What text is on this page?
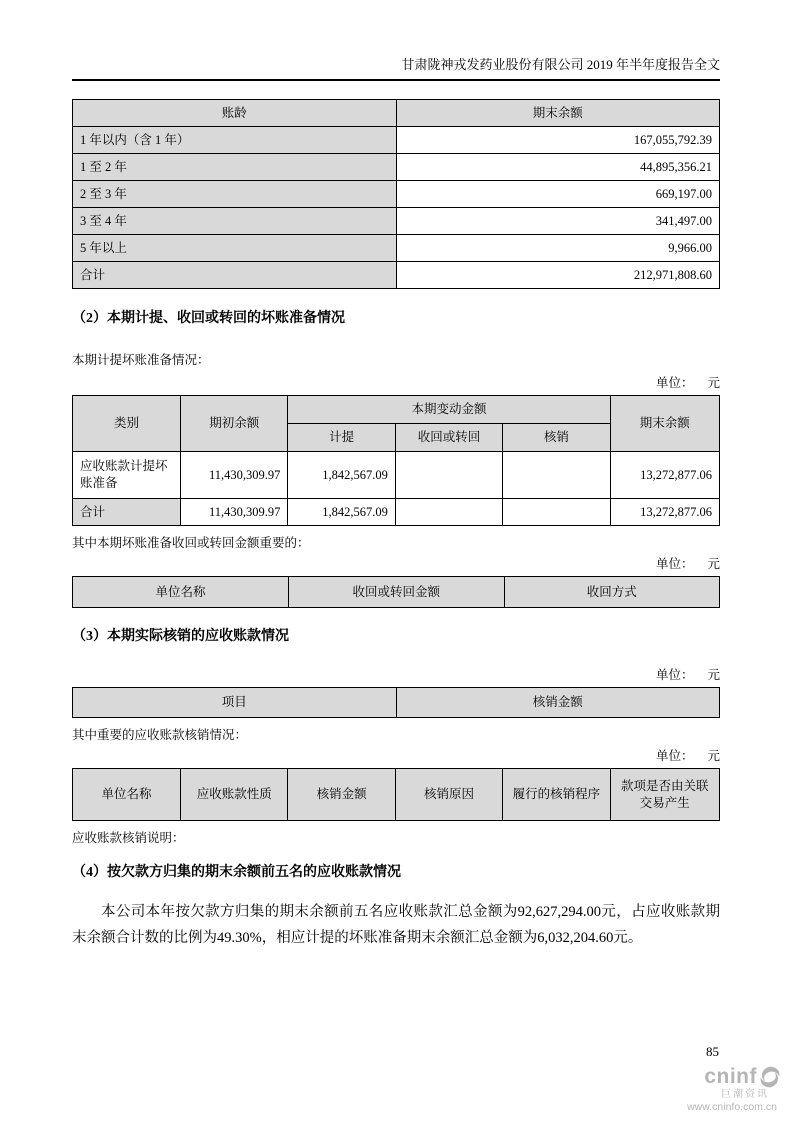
甘肃陇神戎发药业股份有限公司 2019 年半年度报告全文
账龄	期末余额
1 年以内（含 1 年）	167,055,792.39
1 至 2 年	44,895,356.21
2 至 3 年	669,197.00
3 至 4 年	341,497.00
5 年以上	9,966.00
合计	212,971,808.60
（2）本期计提、收回或转回的坏账准备情况
本期计提坏账准备情况：
单位： 元
类别	期初余额	本期变动金额			期末余额
		计提	收回或转回	核销	
应收账款计提坏账准备	11,430,309.97	1,842,567.09			13,272,877.06
合计	11,430,309.97	1,842,567.09			13,272,877.06
其中本期坏账准备收回或转回金额重要的：
单位： 元
单位名称	收回或转回金额	收回方式
（3）本期实际核销的应收账款情况
单位： 元
项目	核销金额
其中重要的应收账款核销情况：
单位： 元
单位名称	应收账款性质	核销金额	核销原因	履行的核销程序	款项是否由关联交易产生
应收账款核销说明：
（4）按欠款方归集的期末余额前五名的应收账款情况
本公司本年按欠款方归集的期末余额前五名应收账款汇总金额为92,627,294.00元，占应收账款期末余额合计数的比例为49.30%，相应计提的坏账准备期末余额汇总金额为6,032,204.60元。
85
cninf
巨潮资讯
www.cninfo.com.cn
